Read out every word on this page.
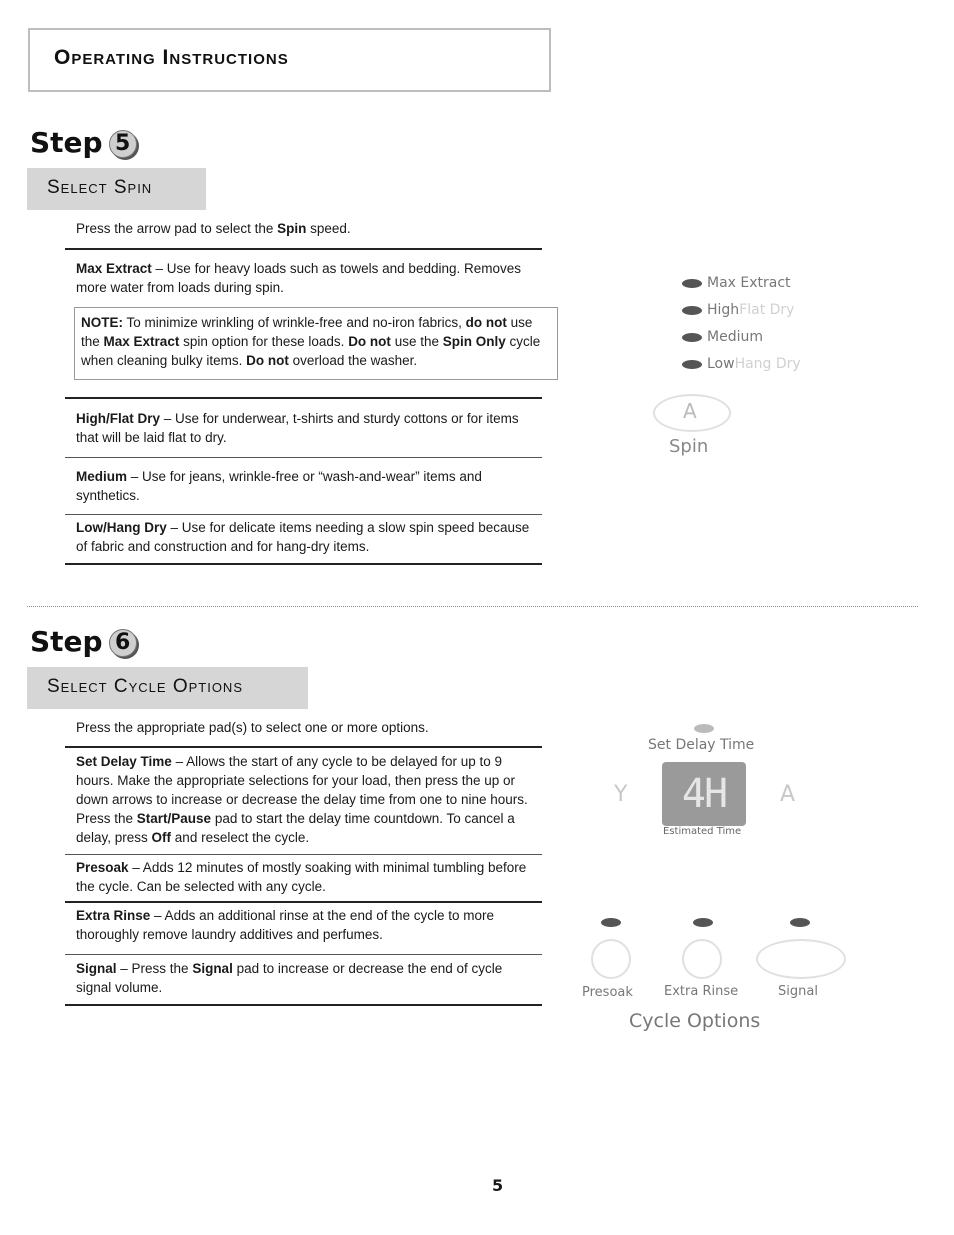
Operating Instructions
Step 5
Select Spin
Press the arrow pad to select the Spin speed.
Max Extract – Use for heavy loads such as towels and bedding. Removes more water from loads during spin.
NOTE: To minimize wrinkling of wrinkle-free and no-iron fabrics, do not use the Max Extract spin option for these loads. Do not use the Spin Only cycle when cleaning bulky items. Do not overload the washer.
High/Flat Dry – Use for underwear, t-shirts and sturdy cottons or for items that will be laid flat to dry.
Medium – Use for jeans, wrinkle-free or “wash-and-wear” items and synthetics.
Low/Hang Dry – Use for delicate items needing a slow spin speed because of fabric and construction and for hang-dry items.
Max Extract
HighFlat Dry
Medium
LowHang Dry
A
Spin
Step 6
Select Cycle Options
Press the appropriate pad(s) to select one or more options.
Set Delay Time – Allows the start of any cycle to be delayed for up to 9 hours. Make the appropriate selections for your load, then press the up or down arrows to increase or decrease the delay time from one to nine hours. Press the Start/Pause pad to start the delay time countdown. To cancel a delay, press Off and reselect the cycle.
Presoak – Adds 12 minutes of mostly soaking with minimal tumbling before the cycle. Can be selected with any cycle.
Extra Rinse – Adds an additional rinse at the end of the cycle to more thoroughly remove laundry additives and perfumes.
Signal – Press the Signal pad to increase or decrease the end of cycle signal volume.
Set Delay Time
Y	4H	A
Estimated Time
Presoak Extra Rinse	Signal
Cycle Options
5
